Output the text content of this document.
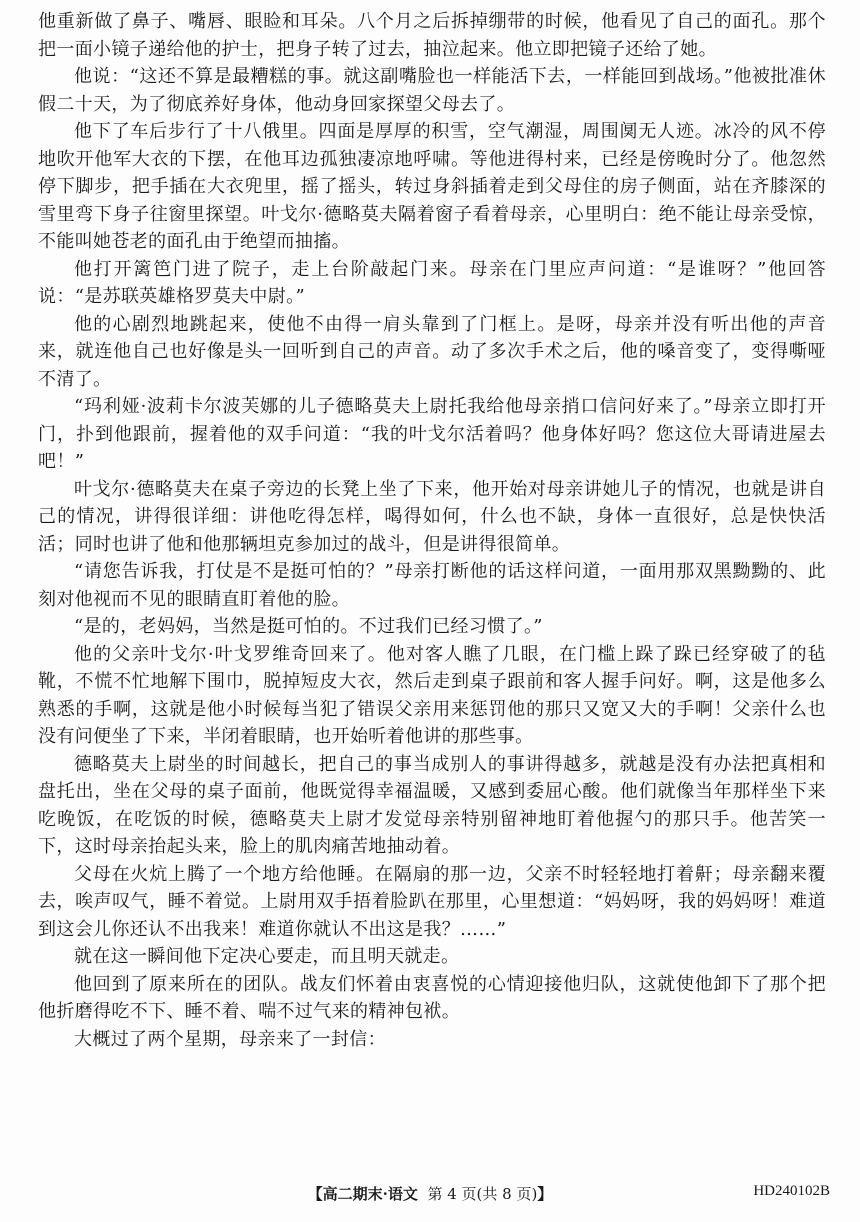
他重新做了鼻子、嘴唇、眼睑和耳朵。八个月之后拆掉绷带的时候，他看见了自己的面孔。那个把一面小镜子递给他的护士，把身子转了过去，抽泣起来。他立即把镜子还给了她。

他说：“这还不算是最糟糕的事。就这副嘴脸也一样能活下去，一样能回到战场。”他被批准休假二十天，为了彻底养好身体，他动身回家探望父母去了。

他下了车后步行了十八俄里。四面是厚厚的积雪，空气潮湿，周围阒无人迹。冰冷的风不停地吹开他军大衣的下摆，在他耳边孤独凄凉地呼啸。等他进得村来，已经是傍晚时分了。他忽然停下脚步，把手插在大衣兜里，摇了摇头，转过身斜插着走到父母住的房子侧面，站在齐膝深的雪里弯下身子往窗里探望。叶戈尔·德略莫夫隔着窗子看着母亲，心里明白：绝不能让母亲受惊，不能叫她苍老的面孔由于绝望而抽搐。

他打开篱笆门进了院子，走上台阶敲起门来。母亲在门里应声问道：“是谁呀？”他回答说：“是苏联英雄格罗莫夫中尉。”

他的心剧烈地跳起来，使他不由得一肩头靠到了门框上。是呀，母亲并没有听出他的声音来，就连他自己也好像是头一回听到自己的声音。动了多次手术之后，他的嗓音变了，变得嘶哑不清了。

“玛利娅·波莉卡尔波芙娜的儿子德略莫夫上尉托我给他母亲捎口信问好来了。”母亲立即打开门，扑到他跟前，握着他的双手问道：“我的叶戈尔活着吗？他身体好吗？您这位大哥请进屋去吧！”

叶戈尔·德略莫夫在桌子旁边的长凳上坐了下来，他开始对母亲讲她儿子的情况，也就是讲自己的情况，讲得很详细：讲他吃得怎样，喝得如何，什么也不缺，身体一直很好，总是快快活活；同时也讲了他和他那辆坦克参加过的战斗，但是讲得很简单。

“请您告诉我，打仗是不是挺可怕的？”母亲打断他的话这样问道，一面用那双黑黝黝的、此刻对他视而不见的眼睛直盯着他的脸。

“是的，老妈妈，当然是挺可怕的。不过我们已经习惯了。”

他的父亲叶戈尔·叶戈罗维奇回来了。他对客人瞧了几眼，在门槛上跺了跺已经穿破了的毡靴，不慌不忙地解下围巾，脱掉短皮大衣，然后走到桌子跟前和客人握手问好。啊，这是他多么熟悉的手啊，这就是他小时候每当犯了错误父亲用来惩罚他的那只又宽又大的手啊！父亲什么也没有问便坐了下来，半闭着眼睛，也开始听着他讲的那些事。

德略莫夫上尉坐的时间越长，把自己的事当成别人的事讲得越多，就越是没有办法把真相和盘托出，坐在父母的桌子面前，他既觉得幸福温暖，又感到委屈心酸。他们就像当年那样坐下来吃晚饭，在吃饭的时候，德略莫夫上尉才发觉母亲特别留神地盯着他握勺的那只手。他苦笑一下，这时母亲抬起头来，脸上的肌肉痛苦地抽动着。

父母在火炕上腾了一个地方给他睡。在隔扇的那一边，父亲不时轻轻地打着鼾；母亲翻来覆去，唉声叹气，睡不着觉。上尉用双手捂着脸趴在那里，心里想道：“妈妈呀，我的妈妈呀！难道到这会儿你还认不出我来！难道你就认不出这是我？……”

就在这一瞬间他下定决心要走，而且明天就走。

他回到了原来所在的团队。战友们怀着由衷喜悦的心情迎接他归队，这就使他卸下了那个把他折磨得吃不下、睡不着、喘不过气来的精神包袱。

大概过了两个星期，母亲来了一封信：

【高二期末·语文 第 4 页(共 8 页)】	HD240102B
